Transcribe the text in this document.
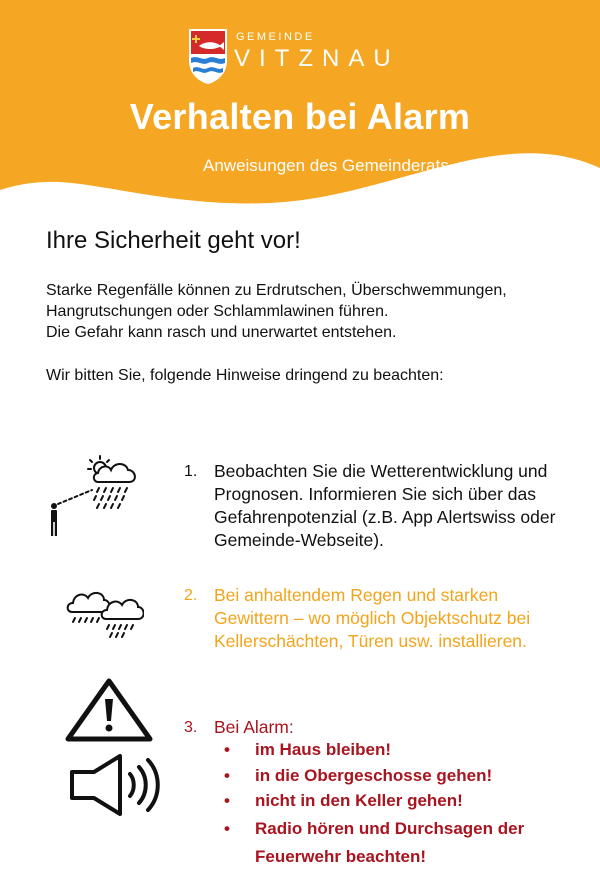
GEMEINDE
VITZNAU
Verhalten bei Alarm
Anweisungen des Gemeinderats
Ihre Sicherheit geht vor!

Starke Regenfälle können zu Erdrutschen, Überschwemmungen,

Hangrutschungen oder Schlammlawinen führen.

Die Gefahr kann rasch und unerwartet entstehen.

Wir bitten Sie, folgende Hinweise dringend zu beachten:
1. Beobachten Sie die Wetterentwicklung und Prognosen. Informieren Sie sich über das Gefahrenpotenzial (z.B. App Alertswiss oder Gemeinde-Webseite).
2. Bei anhaltendem Regen und starken Gewittern – wo möglich Objektschutz bei Kellerschächten, Türen usw. installieren.
3. Bei Alarm:
• im Haus bleiben!
• in die Obergeschosse gehen!
• nicht in den Keller gehen!
• Radio hören und Durchsagen der Feuerwehr beachten!
